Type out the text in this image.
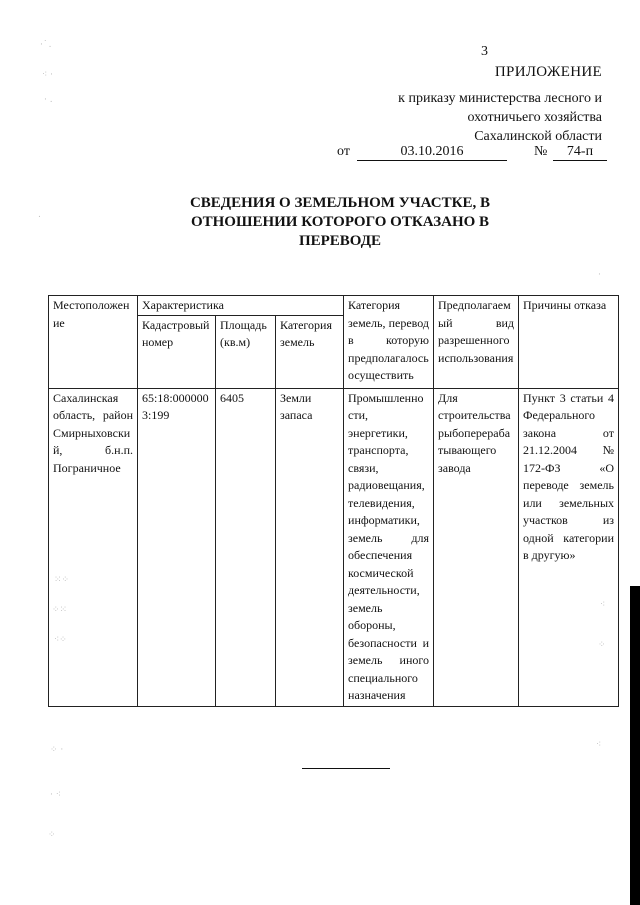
3
ПРИЛОЖЕНИЕ
к приказу министерства лесного и
охотничьего хозяйства
Сахалинской области
от	03.10.2016	№	74-п
СВЕДЕНИЯ О ЗЕМЕЛЬНОМ УЧАСТКЕ, В ОТНОШЕНИИ КОТОРОГО ОТКАЗАНО В ПЕРЕВОДЕ
Местоположение	Характеристика			Категория земель, перевод в которую предполагалось осуществить	Предполагаемый вид разрешенного использования	Причины отказа
	Кадастровый номер	Площадь (кв.м)	Категория земель			
Сахалинская область, район Смирныховский, б.н.п. Пограничное	65:18:0000003:199	6405	Земли запаса	Промышленности, энергетики, транспорта, связи, радиовещания, телевидения, информатики, земель для обеспечения космической деятельности, земель обороны, безопасности и земель иного специального назначения	Для строительства рыбоперерабатывающего завода	Пункт 3 статьи 4 Федерального закона от 21.12.2004 № 172-ФЗ «О переводе земель или земельных участков из одной категории в другую»
· ͘ .
⁖ ·
· .
.
⁙⁘
⁘⁙
⁖⁘
⁘ ·
· ⁖
⁘
⁖
⁘
⁖
·
